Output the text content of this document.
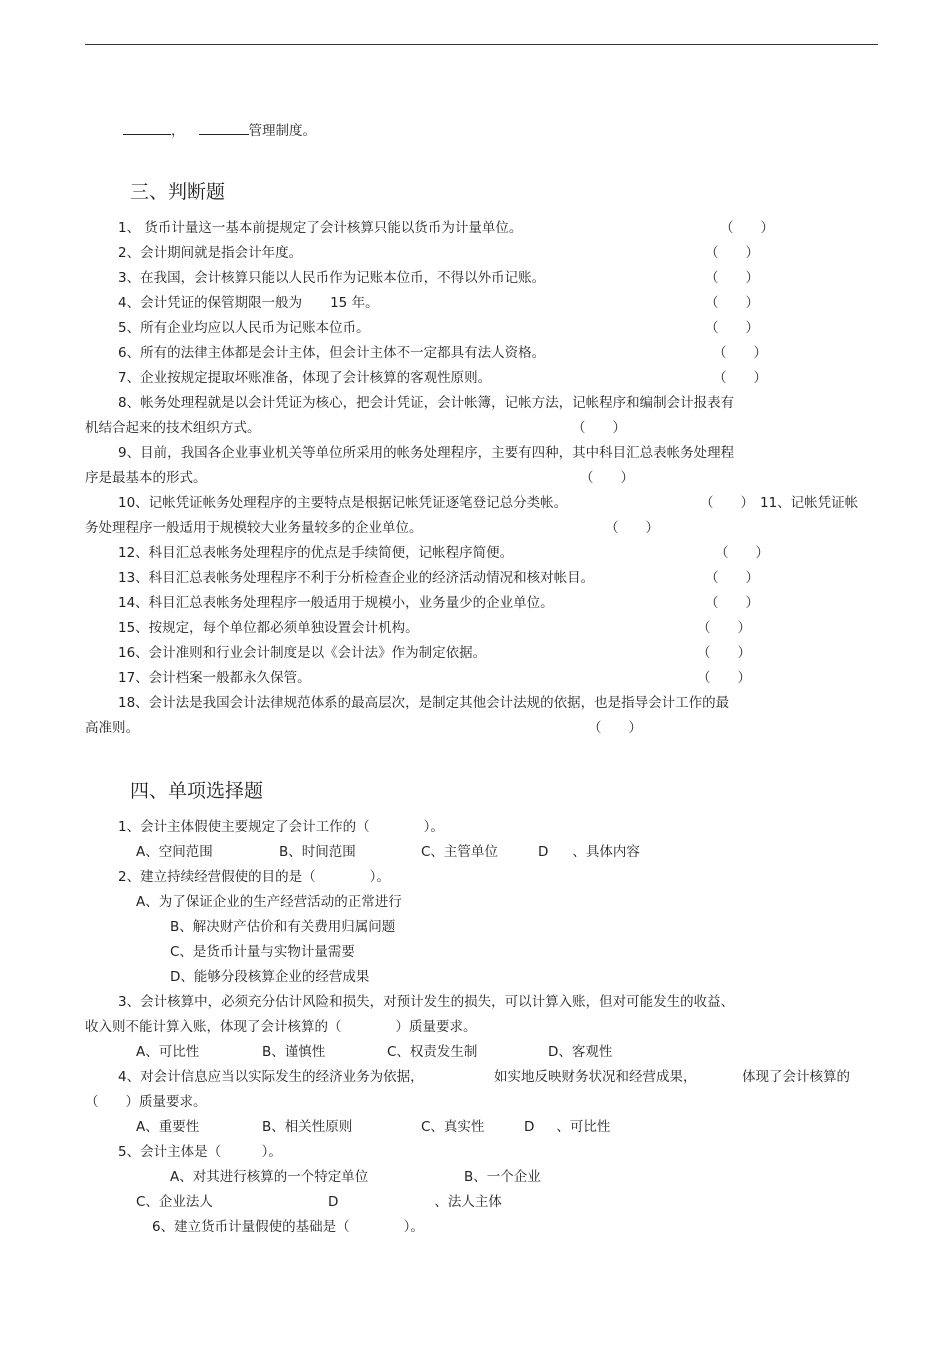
，	管理制度。
三、判断题
1、 货币计量这一基本前提规定了会计核算只能以货币为计量单位。	（　　）
2、会计期间就是指会计年度。	（　　）
3、在我国，会计核算只能以人民币作为记账本位币，不得以外币记账。	（　　）
4、会计凭证的保管期限一般为 15 年。	（　　）
5、所有企业均应以人民币为记账本位币。	（　　）
6、所有的法律主体都是会计主体，但会计主体不一定都具有法人资格。	（　　）
7、企业按规定提取坏账准备，体现了会计核算的客观性原则。	（　　）
8、帐务处理程就是以会计凭证为核心，把会计凭证，会计帐簿，记帐方法，记帐程序和编制会计报表有
机结合起来的技术组织方式。	（　　）
9、目前，我国各企业事业机关等单位所采用的帐务处理程序，主要有四种，其中科目汇总表帐务处理程
序是最基本的形式。	（　　）
10、记帐凭证帐务处理程序的主要特点是根据记帐凭证逐笔登记总分类帐。	（　　） 11、记帐凭证帐
务处理程序一般适用于规模较大业务量较多的企业单位。	（　　）
12、科目汇总表帐务处理程序的优点是手续简便，记帐程序简便。	（　　）
13、科目汇总表帐务处理程序不利于分析检查企业的经济活动情况和核对帐目。	（　　）
14、科目汇总表帐务处理程序一般适用于规模小，业务量少的企业单位。	（　　）
15、按规定，每个单位都必须单独设置会计机构。	（　　）
16、会计准则和行业会计制度是以《会计法》作为制定依据。	（　　）
17、会计档案一般都永久保管。	（　　）
18、会计法是我国会计法律规范体系的最高层次，是制定其他会计法规的依据，也是指导会计工作的最
高准则。	（　　）
四、单项选择题
1、会计主体假使主要规定了会计工作的（　　　　）。
A、空间范围	B、时间范围	C、主管单位	D 、具体内容
2、建立持续经营假使的目的是（　　　　）。
A、为了保证企业的生产经营活动的正常进行
B、解决财产估价和有关费用归属问题
C、是货币计量与实物计量需要
D、能够分段核算企业的经营成果
3、会计核算中，必须充分估计风险和损失，对预计发生的损失，可以计算入账，但对可能发生的收益、
收入则不能计算入账，体现了会计核算的（　　　　）质量要求。
A、可比性	B、谨慎性	C、权责发生制	D、客观性
4、对会计信息应当以实际发生的经济业务为依据，	如实地反映财务状况和经营成果，	体现了会计核算的
（　　）质量要求。
A、重要性	B、相关性原则	C、真实性	D 、可比性
5、会计主体是（　　　）。
A、对其进行核算的一个特定单位	B、一个企业
C、企业法人	D	、法人主体
6、建立货币计量假使的基础是（　　　　）。
